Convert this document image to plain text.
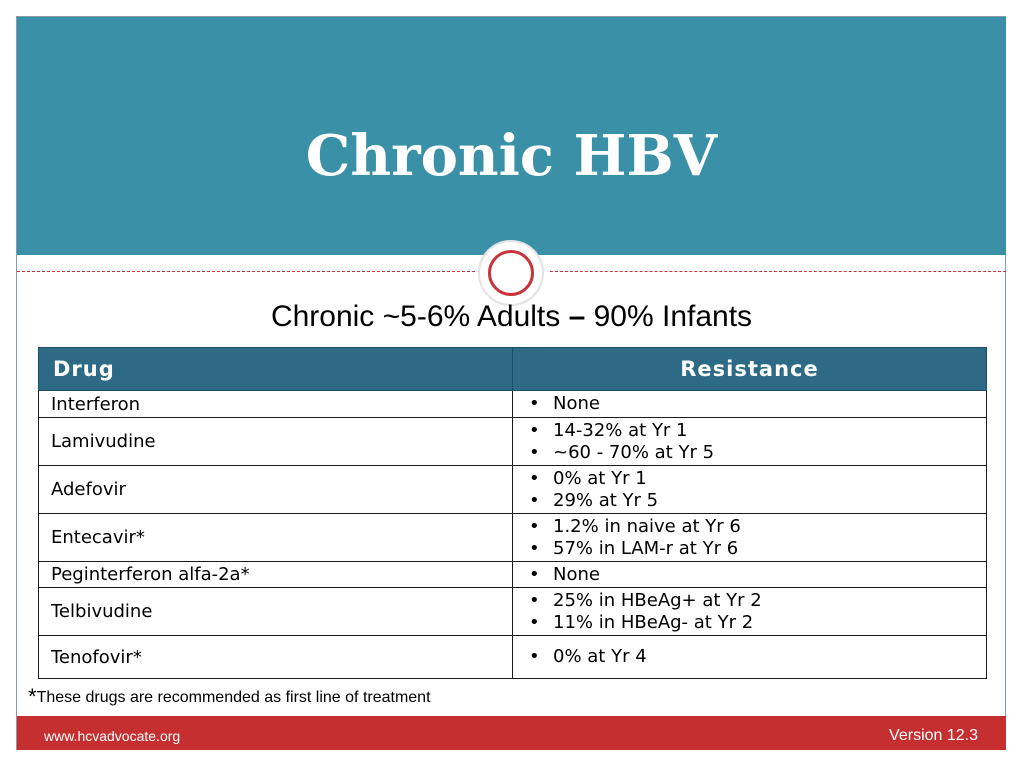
Chronic HBV
Chronic ~5-6% Adults – 90% Infants
Drug	Resistance
Interferon	• None

Lamivudine	• 14-32% at Yr 1
• ~60 - 70% at Yr 5

Adefovir	• 0% at Yr 1
• 29% at Yr 5

Entecavir*	• 1.2% in naive at Yr 6
• 57% in LAM-r at Yr 6

Peginterferon alfa-2a*	• None

Telbivudine	• 25% in HBeAg+ at Yr 2
• 11% in HBeAg- at Yr 2

Tenofovir*	• 0% at Yr 4
*These drugs are recommended as first line of treatment
www.hcvadvocate.org	Version 12.3
